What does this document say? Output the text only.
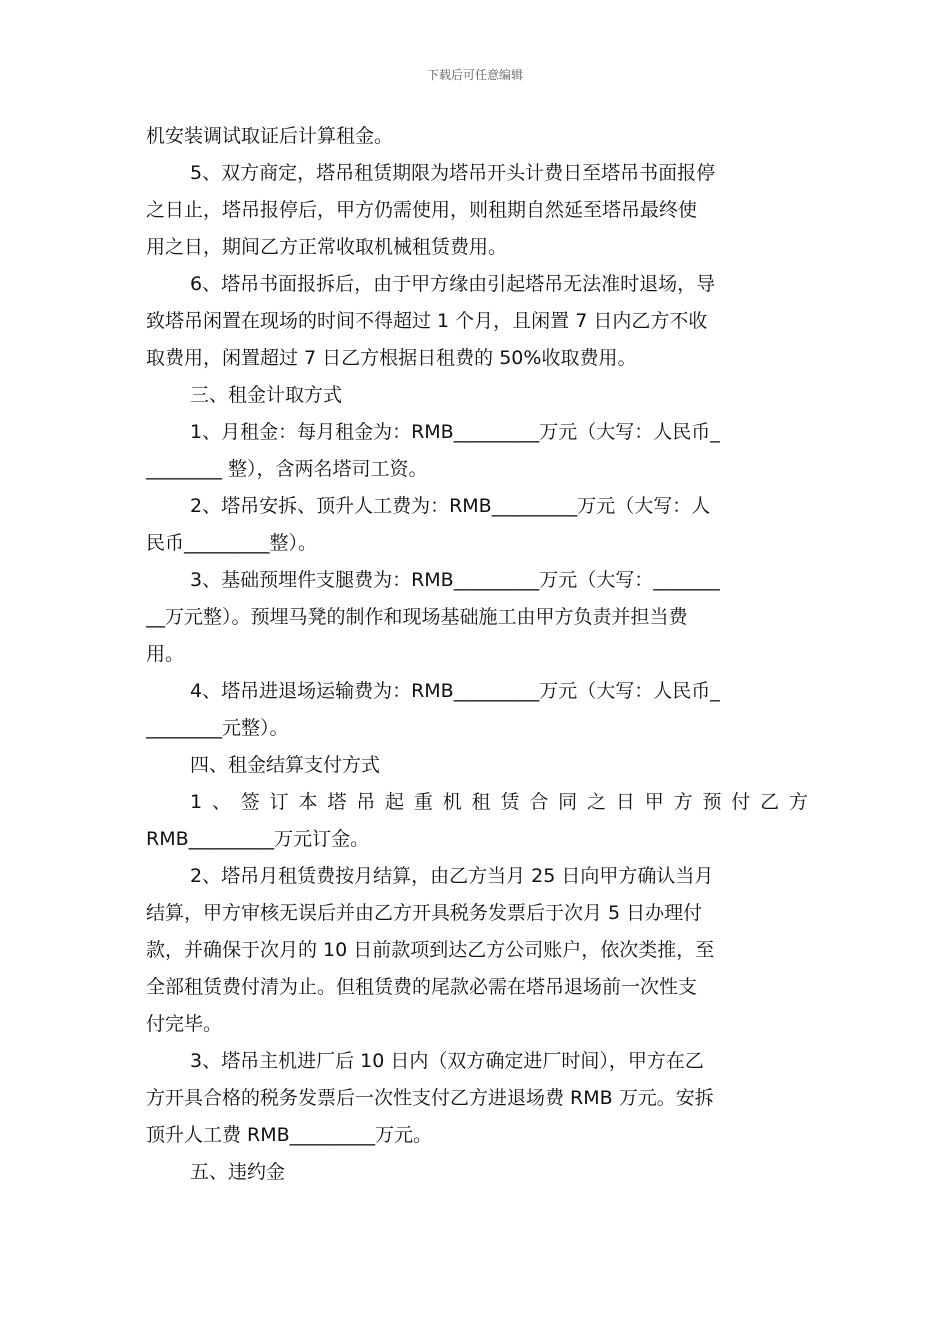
下载后可任意编辑
机安装调试取证后计算租金。
5、双方商定，塔吊租赁期限为塔吊开头计费日至塔吊书面报停
之日止，塔吊报停后，甲方仍需使用，则租期自然延至塔吊最终使
用之日，期间乙方正常收取机械租赁费用。
6、塔吊书面报拆后，由于甲方缘由引起塔吊无法准时退场，导
致塔吊闲置在现场的时间不得超过 1 个月，且闲置 7 日内乙方不收
取费用，闲置超过 7 日乙方根据日租费的 50%收取费用。
三、租金计取方式
1、月租金：每月租金为：RMB_________万元（大写：人民币_
________ 整），含两名塔司工资。
2、塔吊安拆、顶升人工费为：RMB_________万元（大写：人
民币_________整）。
3、基础预埋件支腿费为：RMB_________万元（大写：_______
__万元整）。预埋马凳的制作和现场基础施工由甲方负责并担当费
用。
4、塔吊进退场运输费为：RMB_________万元（大写：人民币_
________元整）。
四、租金结算支付方式
1、签订本塔吊起重机租赁合同之日甲方预付乙方
RMB_________万元订金。
2、塔吊月租赁费按月结算，由乙方当月 25 日向甲方确认当月
结算，甲方审核无误后并由乙方开具税务发票后于次月 5 日办理付
款，并确保于次月的 10 日前款项到达乙方公司账户，依次类推，至
全部租赁费付清为止。但租赁费的尾款必需在塔吊退场前一次性支
付完毕。
3、塔吊主机进厂后 10 日内（双方确定进厂时间），甲方在乙
方开具合格的税务发票后一次性支付乙方进退场费 RMB 万元。安拆
顶升人工费 RMB_________万元。
五、违约金
